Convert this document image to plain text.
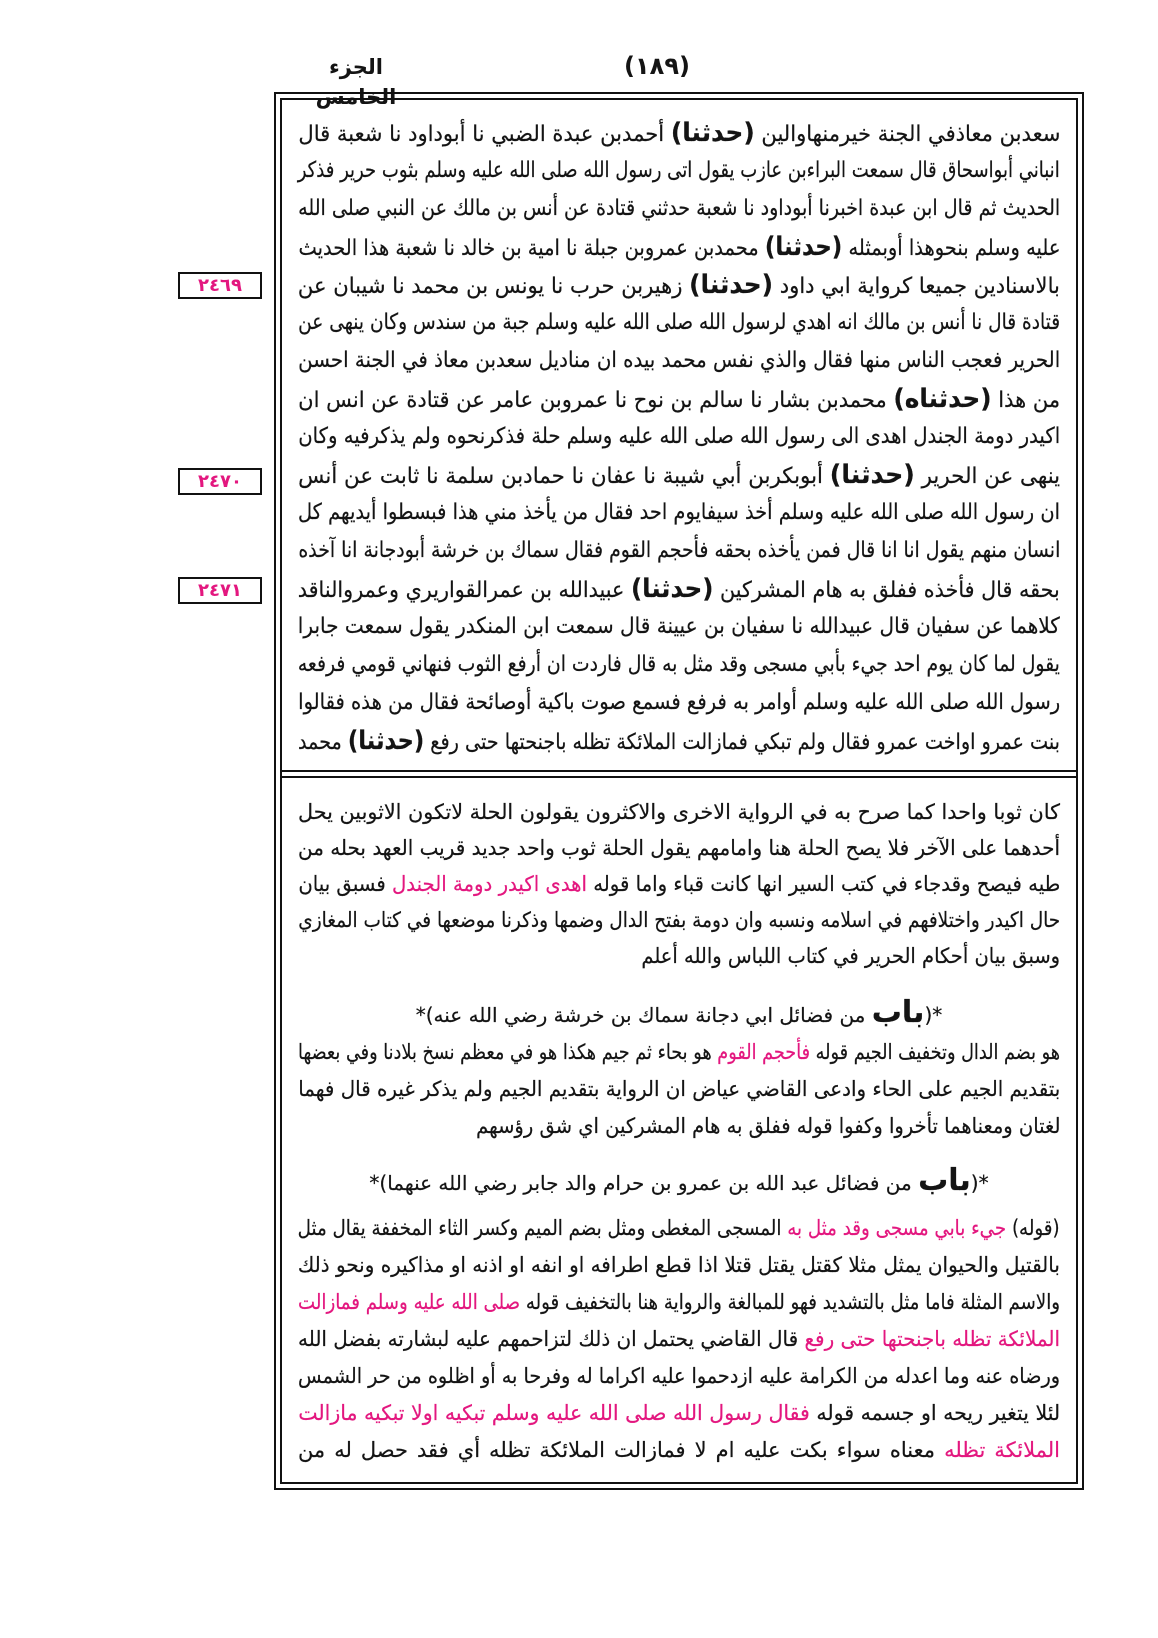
الجزء الخامس
(١٨٩)
٢٤٦٩
٢٤٧٠
٢٤٧١
سعدبن معاذفي الجنة خيرمنهاوالين (حدثنا) أحمدبن عبدة الضبي نا أبوداود نا شعبة قال
انباني أبواسحاق قال سمعت البراءبن عازب يقول اتى رسول الله صلى الله عليه وسلم بثوب حرير فذكر
الحديث ثم قال ابن عبدة اخبرنا أبوداود نا شعبة حدثني قتادة عن أنس بن مالك عن النبي صلى الله
عليه وسلم بنحوهذا أوبمثله (حدثنا) محمدبن عمروبن جبلة نا امية بن خالد نا شعبة هذا الحديث
بالاسنادين جميعا كرواية ابي داود (حدثنا) زهيربن حرب نا يونس بن محمد نا شيبان عن
قتادة قال نا أنس بن مالك انه اهدي لرسول الله صلى الله عليه وسلم جبة من سندس وكان ينهى عن
الحرير فعجب الناس منها فقال والذي نفس محمد بيده ان مناديل سعدبن معاذ في الجنة احسن
من هذا (حدثناه) محمدبن بشار نا سالم بن نوح نا عمروبن عامر عن قتادة عن انس ان
اكيدر دومة الجندل اهدى الى رسول الله صلى الله عليه وسلم حلة فذكرنحوه ولم يذكرفيه وكان
ينهى عن الحرير (حدثنا) أبوبكربن أبي شيبة نا عفان نا حمادبن سلمة نا ثابت عن أنس
ان رسول الله صلى الله عليه وسلم أخذ سيفايوم احد فقال من يأخذ مني هذا فبسطوا أيديهم كل
انسان منهم يقول انا انا قال فمن يأخذه بحقه فأحجم القوم فقال سماك بن خرشة أبودجانة انا آخذه
بحقه قال فأخذه ففلق به هام المشركين (حدثنا) عبيدالله بن عمرالقواريري وعمروالناقد
كلاهما عن سفيان قال عبيدالله نا سفيان بن عيينة قال سمعت ابن المنكدر يقول سمعت جابرا
يقول لما كان يوم احد جيء بأبي مسجى وقد مثل به قال فاردت ان أرفع الثوب فنهاني قومي فرفعه
رسول الله صلى الله عليه وسلم أوامر به فرفع فسمع صوت باكية أوصائحة فقال من هذه فقالوا
بنت عمرو اواخت عمرو فقال ولم تبكي فمازالت الملائكة تظله باجنحتها حتى رفع (حدثنا) محمد
كان ثوبا واحدا كما صرح به في الرواية الاخرى والاكثرون يقولون الحلة لاتكون الاثوبين يحل
أحدهما على الآخر فلا يصح الحلة هنا وامامهم يقول الحلة ثوب واحد جديد قريب العهد بحله من
طيه فيصح وقدجاء في كتب السير انها كانت قباء واما قوله اهدى اكيدر دومة الجندل فسبق بيان
حال اكيدر واختلافهم في اسلامه ونسبه وان دومة بفتح الدال وضمها وذكرنا موضعها في كتاب المغازي
وسبق بيان أحكام الحرير في كتاب اللباس والله أعلم
*(باب من فضائل ابي دجانة سماك بن خرشة رضي الله عنه)*
هو بضم الدال وتخفيف الجيم قوله فأحجم القوم هو بحاء ثم جيم هكذا هو في معظم نسخ بلادنا وفي بعضها
بتقديم الجيم على الحاء وادعى القاضي عياض ان الرواية بتقديم الجيم ولم يذكر غيره قال فهما
لغتان ومعناهما تأخروا وكفوا قوله ففلق به هام المشركين اي شق رؤسهم
*(باب من فضائل عبد الله بن عمرو بن حرام والد جابر رضي الله عنهما)*
(قوله) جيء بابي مسجى وقد مثل به المسجى المغطى ومثل بضم الميم وكسر الثاء المخففة يقال مثل
بالقتيل والحيوان يمثل مثلا كقتل يقتل قتلا اذا قطع اطرافه او انفه او اذنه او مذاكيره ونحو ذلك
والاسم المثلة فاما مثل بالتشديد فهو للمبالغة والرواية هنا بالتخفيف قوله صلى الله عليه وسلم فمازالت
الملائكة تظله باجنحتها حتى رفع قال القاضي يحتمل ان ذلك لتزاحمهم عليه لبشارته بفضل الله
ورضاه عنه وما اعدله من الكرامة عليه ازدحموا عليه اكراما له وفرحا به أو اظلوه من حر الشمس
لئلا يتغير ريحه او جسمه قوله فقال رسول الله صلى الله عليه وسلم تبكيه اولا تبكيه مازالت
الملائكة تظله معناه سواء بكت عليه ام لا فمازالت الملائكة تظله أي فقد حصل له من
